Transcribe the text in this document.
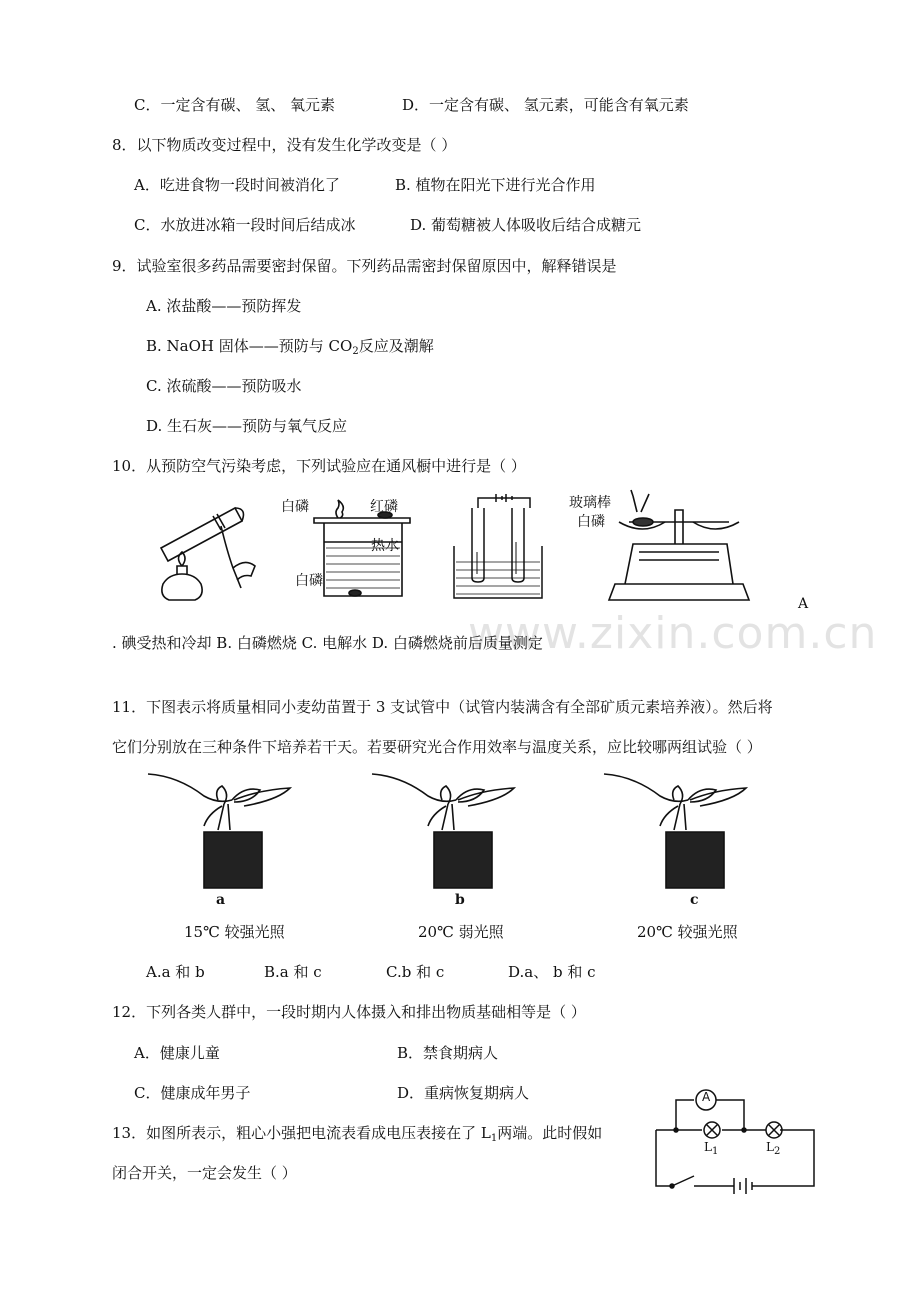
C．一定含有碳、 氢、 氧元素	D．一定含有碳、 氢元素，可能含有氧元素
8．以下物质改变过程中，没有发生化学改变是（ ）
A．吃进食物一段时间被消化了	B. 植物在阳光下进行光合作用
C．水放进冰箱一段时间后结成冰	D. 葡萄糖被人体吸收后结合成糖元
9．试验室很多药品需要密封保留。下列药品需密封保留原因中，解释错误是
A. 浓盐酸——预防挥发
B. NaOH 固体——预防与 $CO_2$反应及潮解
C. 浓硫酸——预防吸水
D. 生石灰——预防与氧气反应
10．从预防空气污染考虑，下列试验应在通风橱中进行是（ ）
白磷	红磷
热水
白磷
玻璃棒
白磷
A
www.zixin.com.cn
. 碘受热和冷却 B. 白磷燃烧 C. 电解水 D. 白磷燃烧前后质量测定
11．下图表示将质量相同小麦幼苗置于 3 支试管中（试管内装满含有全部矿质元素培养液）。然后将
它们分别放在三种条件下培养若干天。若要研究光合作用效率与温度关系，应比较哪两组试验（ ）
a	b	c
15℃ 较强光照	20℃ 弱光照	20℃ 较强光照
A.a 和 b	B.a 和 c	C.b 和 c	D.a、 b 和 c
12．下列各类人群中，一段时期内人体摄入和排出物质基础相等是（ ）
A．健康儿童	B．禁食期病人
C．健康成年男子	D．重病恢复期病人
13．如图所表示，粗心小强把电流表看成电压表接在了 $L_1$两端。此时假如
闭合开关，一定会发生（ ）
A
$L_1$	$L_2$
